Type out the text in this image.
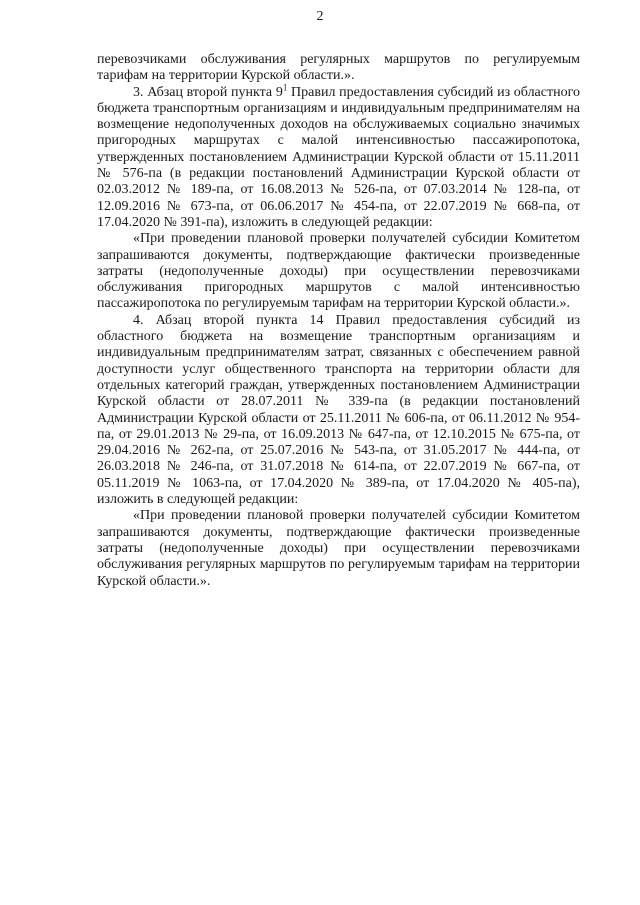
2

перевозчиками обслуживания регулярных маршрутов по регулируемым тарифам на территории Курской области.».

3. Абзац второй пункта $9^1$ Правил предоставления субсидий из областного бюджета транспортным организациям и индивидуальным предпринимателям на возмещение недополученных доходов на обслуживаемых социально значимых пригородных маршрутах с малой интенсивностью пассажиропотока, утвержденных постановлением Администрации Курской области от 15.11.2011 № 576-па (в редакции постановлений Администрации Курской области от 02.03.2012 № 189-па, от 16.08.2013 № 526-па, от 07.03.2014 № 128-па, от 12.09.2016 № 673-па, от 06.06.2017 № 454-па, от 22.07.2019 № 668-па, от 17.04.2020 № 391-па), изложить в следующей редакции:

«При проведении плановой проверки получателей субсидии Комитетом запрашиваются документы, подтверждающие фактически произведенные затраты (недополученные доходы) при осуществлении перевозчиками обслуживания пригородных маршрутов с малой интенсивностью пассажиропотока по регулируемым тарифам на территории Курской области.».

4. Абзац второй пункта 14 Правил предоставления субсидий из областного бюджета на возмещение транспортным организациям и индивидуальным предпринимателям затрат, связанных с обеспечением равной доступности услуг общественного транспорта на территории области для отдельных категорий граждан, утвержденных постановлением Администрации Курской области от 28.07.2011 № 339-па (в редакции постановлений Администрации Курской области от 25.11.2011 № 606-па, от 06.11.2012 № 954-па, от 29.01.2013 № 29-па, от 16.09.2013 № 647-па, от 12.10.2015 № 675-па, от 29.04.2016 № 262-па, от 25.07.2016 № 543-па, от 31.05.2017 № 444-па, от 26.03.2018 № 246-па, от 31.07.2018 № 614-па, от 22.07.2019 № 667-па, от 05.11.2019 № 1063-па, от 17.04.2020 № 389-па, от 17.04.2020 № 405-па), изложить в следующей редакции:

«При проведении плановой проверки получателей субсидии Комитетом запрашиваются документы, подтверждающие фактически произведенные затраты (недополученные доходы) при осуществлении перевозчиками обслуживания регулярных маршрутов по регулируемым тарифам на территории Курской области.».
